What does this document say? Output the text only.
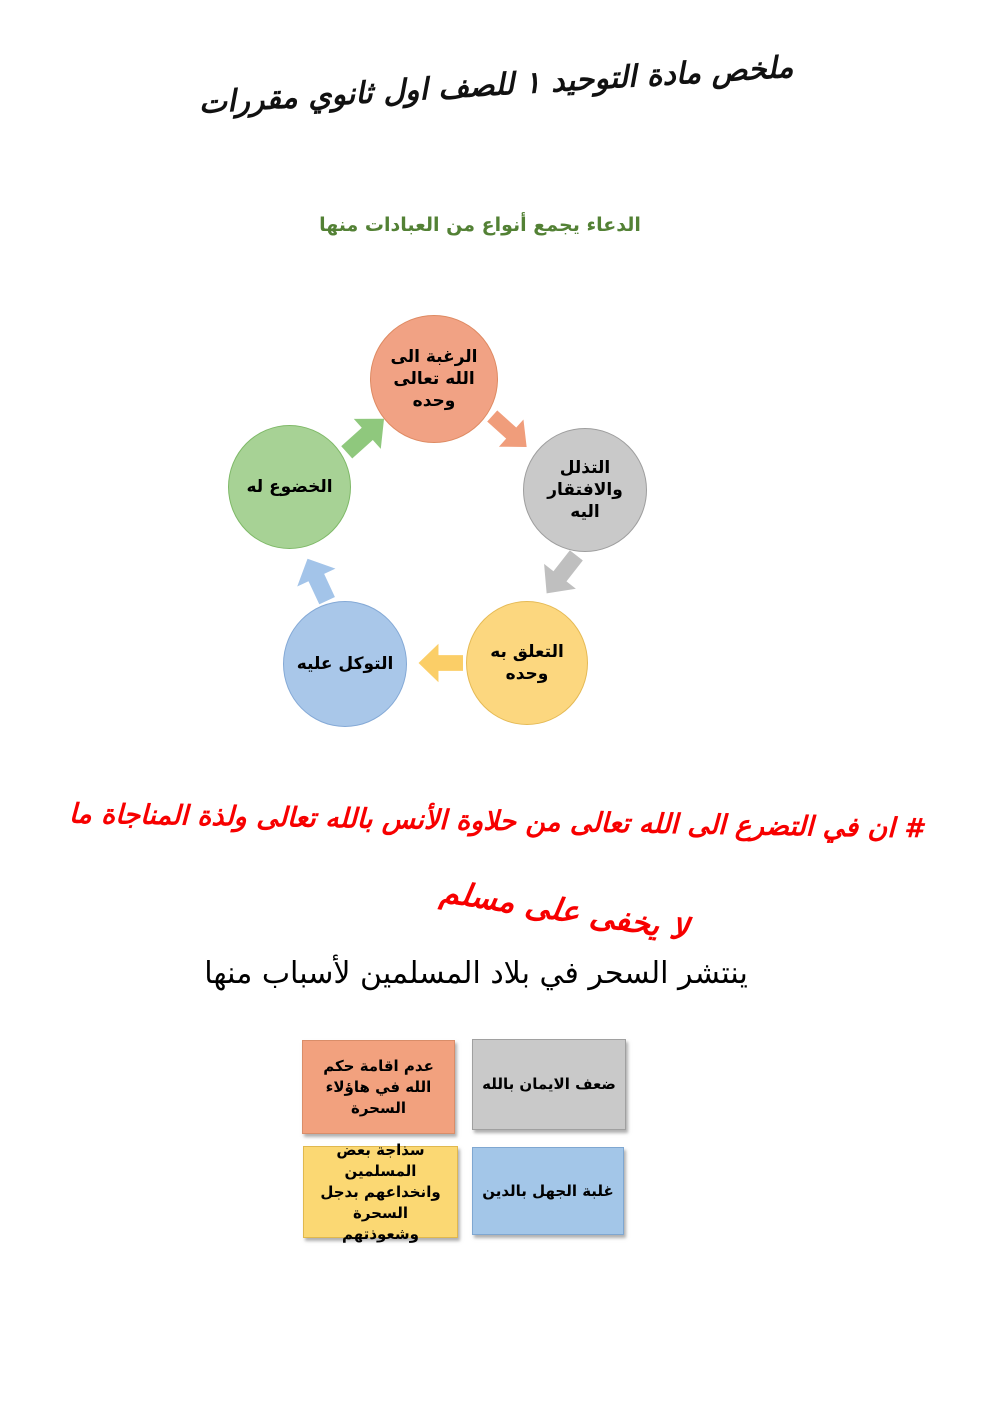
ملخص مادة التوحيد ١ للصف اول ثانوي مقررات
الدعاء يجمع أنواع من العبادات منها
الرغبة الى الله تعالى وحده
التذلل والافتقار اليه
التعلق به وحده
التوكل عليه
الخضوع له
# ان في التضرع الى الله تعالى من حلاوة الأنس بالله تعالى ولذة المناجاة ما
لا يخفى على مسلم
ينتشر السحر في بلاد المسلمين لأسباب منها
عدم اقامة حكم الله في هاؤلاء السحرة
ضعف الايمان بالله
سذاجة بعض المسلمين وانخداعهم بدجل السحرة وشعوذتهم
غلبة الجهل بالدين
